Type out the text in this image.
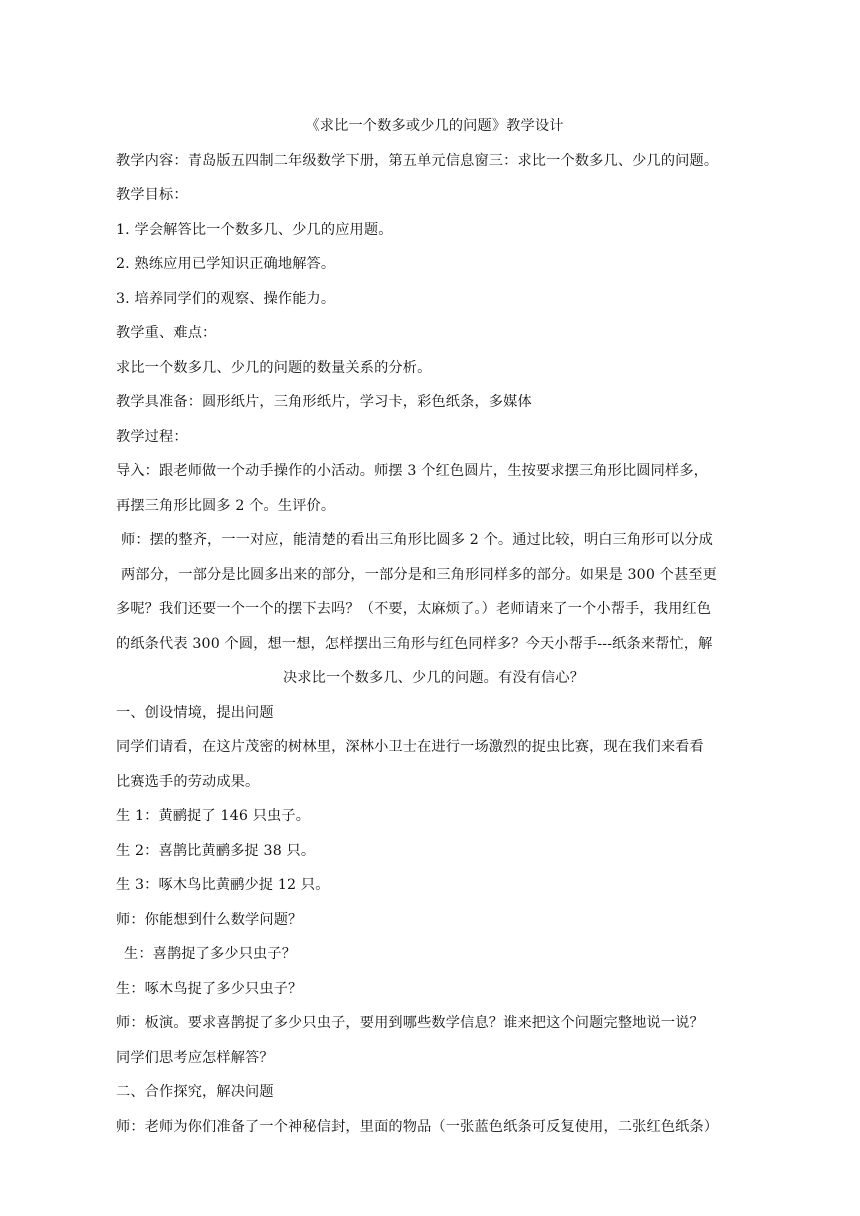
《求比一个数多或少几的问题》教学设计
教学内容：青岛版五四制二年级数学下册，第五单元信息窗三：求比一个数多几、少几的问题。
教学目标：
1. 学会解答比一个数多几、少几的应用题。
2. 熟练应用已学知识正确地解答。
3. 培养同学们的观察、操作能力。
教学重、难点：
求比一个数多几、少几的问题的数量关系的分析。
教学具准备：圆形纸片，三角形纸片，学习卡，彩色纸条，多媒体
教学过程：
导入：跟老师做一个动手操作的小活动。师摆 3 个红色圆片，生按要求摆三角形比圆同样多，
再摆三角形比圆多 2 个。生评价。
师：摆的整齐，一一对应，能清楚的看出三角形比圆多 2 个。通过比较，明白三角形可以分成
两部分，一部分是比圆多出来的部分，一部分是和三角形同样多的部分。如果是 300 个甚至更
多呢？我们还要一个一个的摆下去吗？（不要，太麻烦了。）老师请来了一个小帮手，我用红色
的纸条代表 300 个圆，想一想，怎样摆出三角形与红色同样多？今天小帮手---纸条来帮忙，解
决求比一个数多几、少几的问题。有没有信心？
一、创设情境，提出问题
同学们请看，在这片茂密的树林里，深林小卫士在进行一场激烈的捉虫比赛，现在我们来看看
比赛选手的劳动成果。
生 1：黄鹂捉了 146 只虫子。
生 2：喜鹊比黄鹂多捉 38 只。
生 3：啄木鸟比黄鹂少捉 12 只。
师：你能想到什么数学问题？
生：喜鹊捉了多少只虫子？
生：啄木鸟捉了多少只虫子？
师：板演。要求喜鹊捉了多少只虫子，要用到哪些数学信息？谁来把这个问题完整地说一说？
同学们思考应怎样解答？
二、合作探究，解决问题
师：老师为你们准备了一个神秘信封，里面的物品（一张蓝色纸条可反复使用，二张红色纸条）
